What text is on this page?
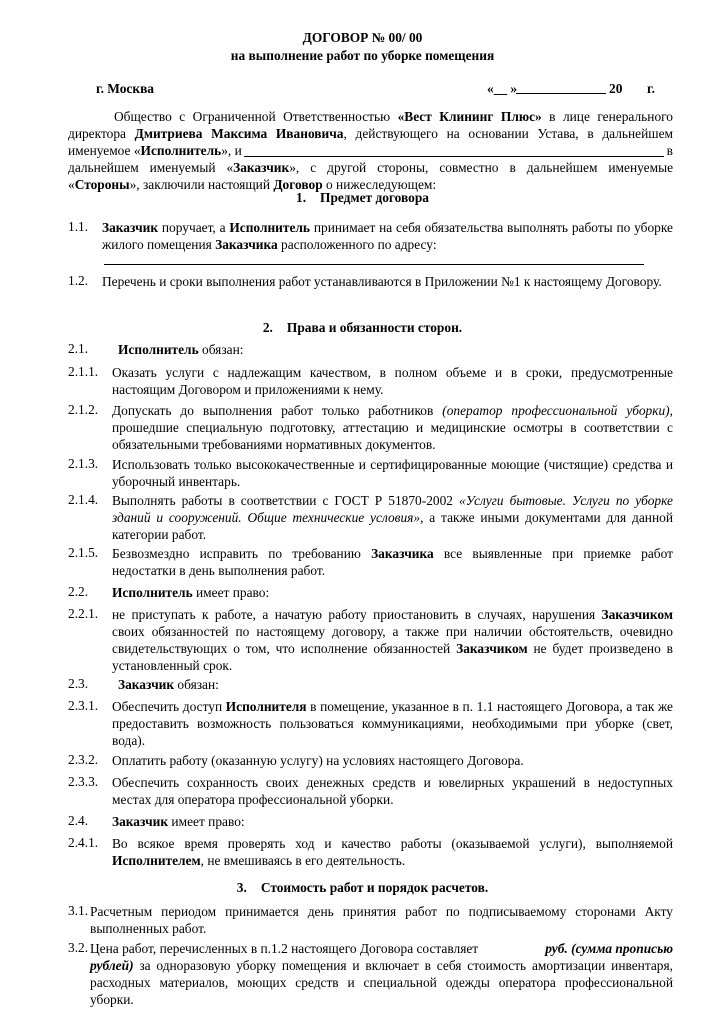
ДОГОВОР № 00/ 00
на выполнение работ по уборке помещения
г. Москва	«__ »	20 г.
Общество с Ограниченной Ответственностью «Вест Клининг Плюс» в лице генерального
директора Дмитриева Максима Ивановича, действующего на основании Устава, в дальнейшем
именуемое «Исполнитель», и	в
дальнейшем именуемый «Заказчик», с другой стороны, совместно в дальнейшем именуемые
«Стороны», заключили настоящий Договор о нижеследующем:
1. Предмет договора
1.1. Заказчик поручает, а Исполнитель принимает на себя обязательства выполнять работы по уборке
жилого помещения Заказчика расположенного по адресу:
1.2. Перечень и сроки выполнения работ устанавливаются в Приложении №1 к настоящему Договору.
2. Права и обязанности сторон.
2.1. Исполнитель обязан:
2.1.1. Оказать услуги с надлежащим качеством, в полном объеме и в сроки, предусмотренные
настоящим Договором и приложениями к нему.
2.1.2. Допускать до выполнения работ только работников (оператор профессиональной уборки),
прошедшие специальную подготовку, аттестацию и медицинские осмотры в соответствии с
обязательными требованиями нормативных документов.
2.1.3. Использовать только высококачественные и сертифицированные моющие (чистящие) средства и
уборочный инвентарь.
2.1.4. Выполнять работы в соответствии с ГОСТ Р 51870-2002 «Услуги бытовые. Услуги по уборке
зданий и сооружений. Общие технические условия», а также иными документами для данной
категории работ.
2.1.5. Безвозмездно исправить по требованию Заказчика все выявленные при приемке работ
недостатки в день выполнения работ.
2.2. Исполнитель имеет право:
2.2.1. не приступать к работе, а начатую работу приостановить в случаях, нарушения Заказчиком
своих обязанностей по настоящему договору, а также при наличии обстоятельств, очевидно
свидетельствующих о том, что исполнение обязанностей Заказчиком не будет произведено в
установленный срок.
2.3. Заказчик обязан:
2.3.1. Обеспечить доступ Исполнителя в помещение, указанное в п. 1.1 настоящего Договора, а так же
предоставить возможность пользоваться коммуникациями, необходимыми при уборке (свет,
вода).
2.3.2. Оплатить работу (оказанную услугу) на условиях настоящего Договора.
2.3.3. Обеспечить сохранность своих денежных средств и ювелирных украшений в недоступных
местах для оператора профессиональной уборки.
2.4. Заказчик имеет право:
2.4.1. Во всякое время проверять ход и качество работы (оказываемой услуги), выполняемой
Исполнителем, не вмешиваясь в его деятельность.
3. Стоимость работ и порядок расчетов.
3.1. Расчетным периодом принимается день принятия работ по подписываемому сторонами Акту
выполненных работ.
3.2. Цена работ, перечисленных в п.1.2 настоящего Договора составляет	руб. (сумма прописью
рублей) за одноразовую уборку помещения и включает в себя стоимость амортизации инвентаря,
расходных материалов, моющих средств и специальной одежды оператора профессиональной
уборки.
